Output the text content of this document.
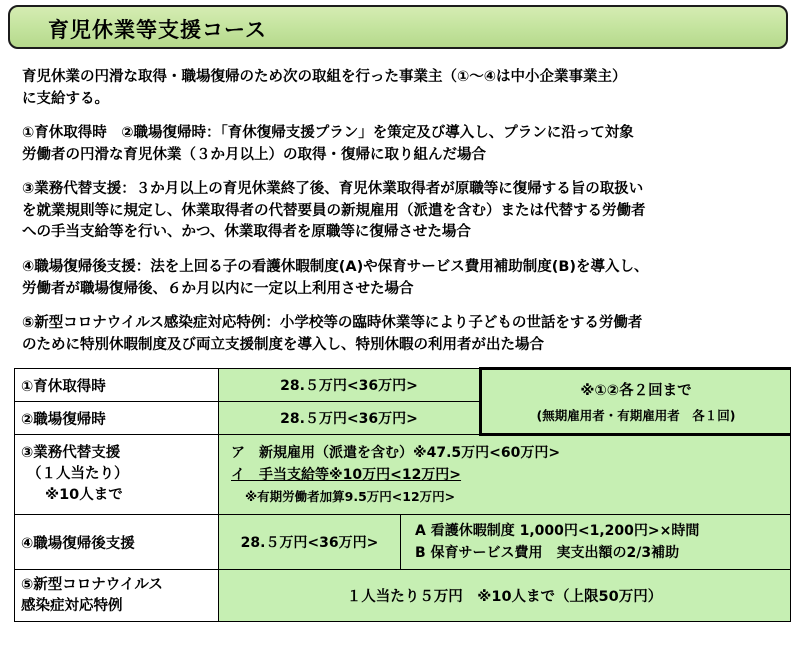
育児休業等支援コース
育児休業の円滑な取得・職場復帰のため次の取組を行った事業主（①～④は中小企業事業主）
に支給する。
①育休取得時　②職場復帰時：「育休復帰支援プラン」を策定及び導入し、プランに沿って対象
労働者の円滑な育児休業（３か月以上）の取得・復帰に取り組んだ場合
③業務代替支援：３か月以上の育児休業終了後、育児休業取得者が原職等に復帰する旨の取扱い
を就業規則等に規定し、休業取得者の代替要員の新規雇用（派遣を含む）または代替する労働者
への手当支給等を行い、かつ、休業取得者を原職等に復帰させた場合
④職場復帰後支援：法を上回る子の看護休暇制度(A)や保育サービス費用補助制度(B)を導入し、
労働者が職場復帰後、６か月以内に一定以上利用させた場合
⑤新型コロナウイルス感染症対応特例：小学校等の臨時休業等により子どもの世話をする労働者
のために特別休暇制度及び両立支援制度を導入し、特別休暇の利用者が出た場合
①育休取得時	28.５万円<36万円>		※①②各２回まで
(無期雇用者・有期雇用者　各１回)

②職場復帰時	28.５万円<36万円>		

③業務代替支援
（１人当たり）
※10人まで	ア　新規雇用（派遣を含む）※47.5万円<60万円>
イ　手当支給等※10万円<12万円>
※有期労働者加算9.5万円<12万円>		

④職場復帰後支援	28.５万円<36万円>	A 看護休暇制度 1,000円<1,200円>×時間
B 保育サービス費用　実支出額の2/3補助	

⑤新型コロナウイルス
感染症対応特例	１人当たり５万円　※10人まで（上限50万円）		
